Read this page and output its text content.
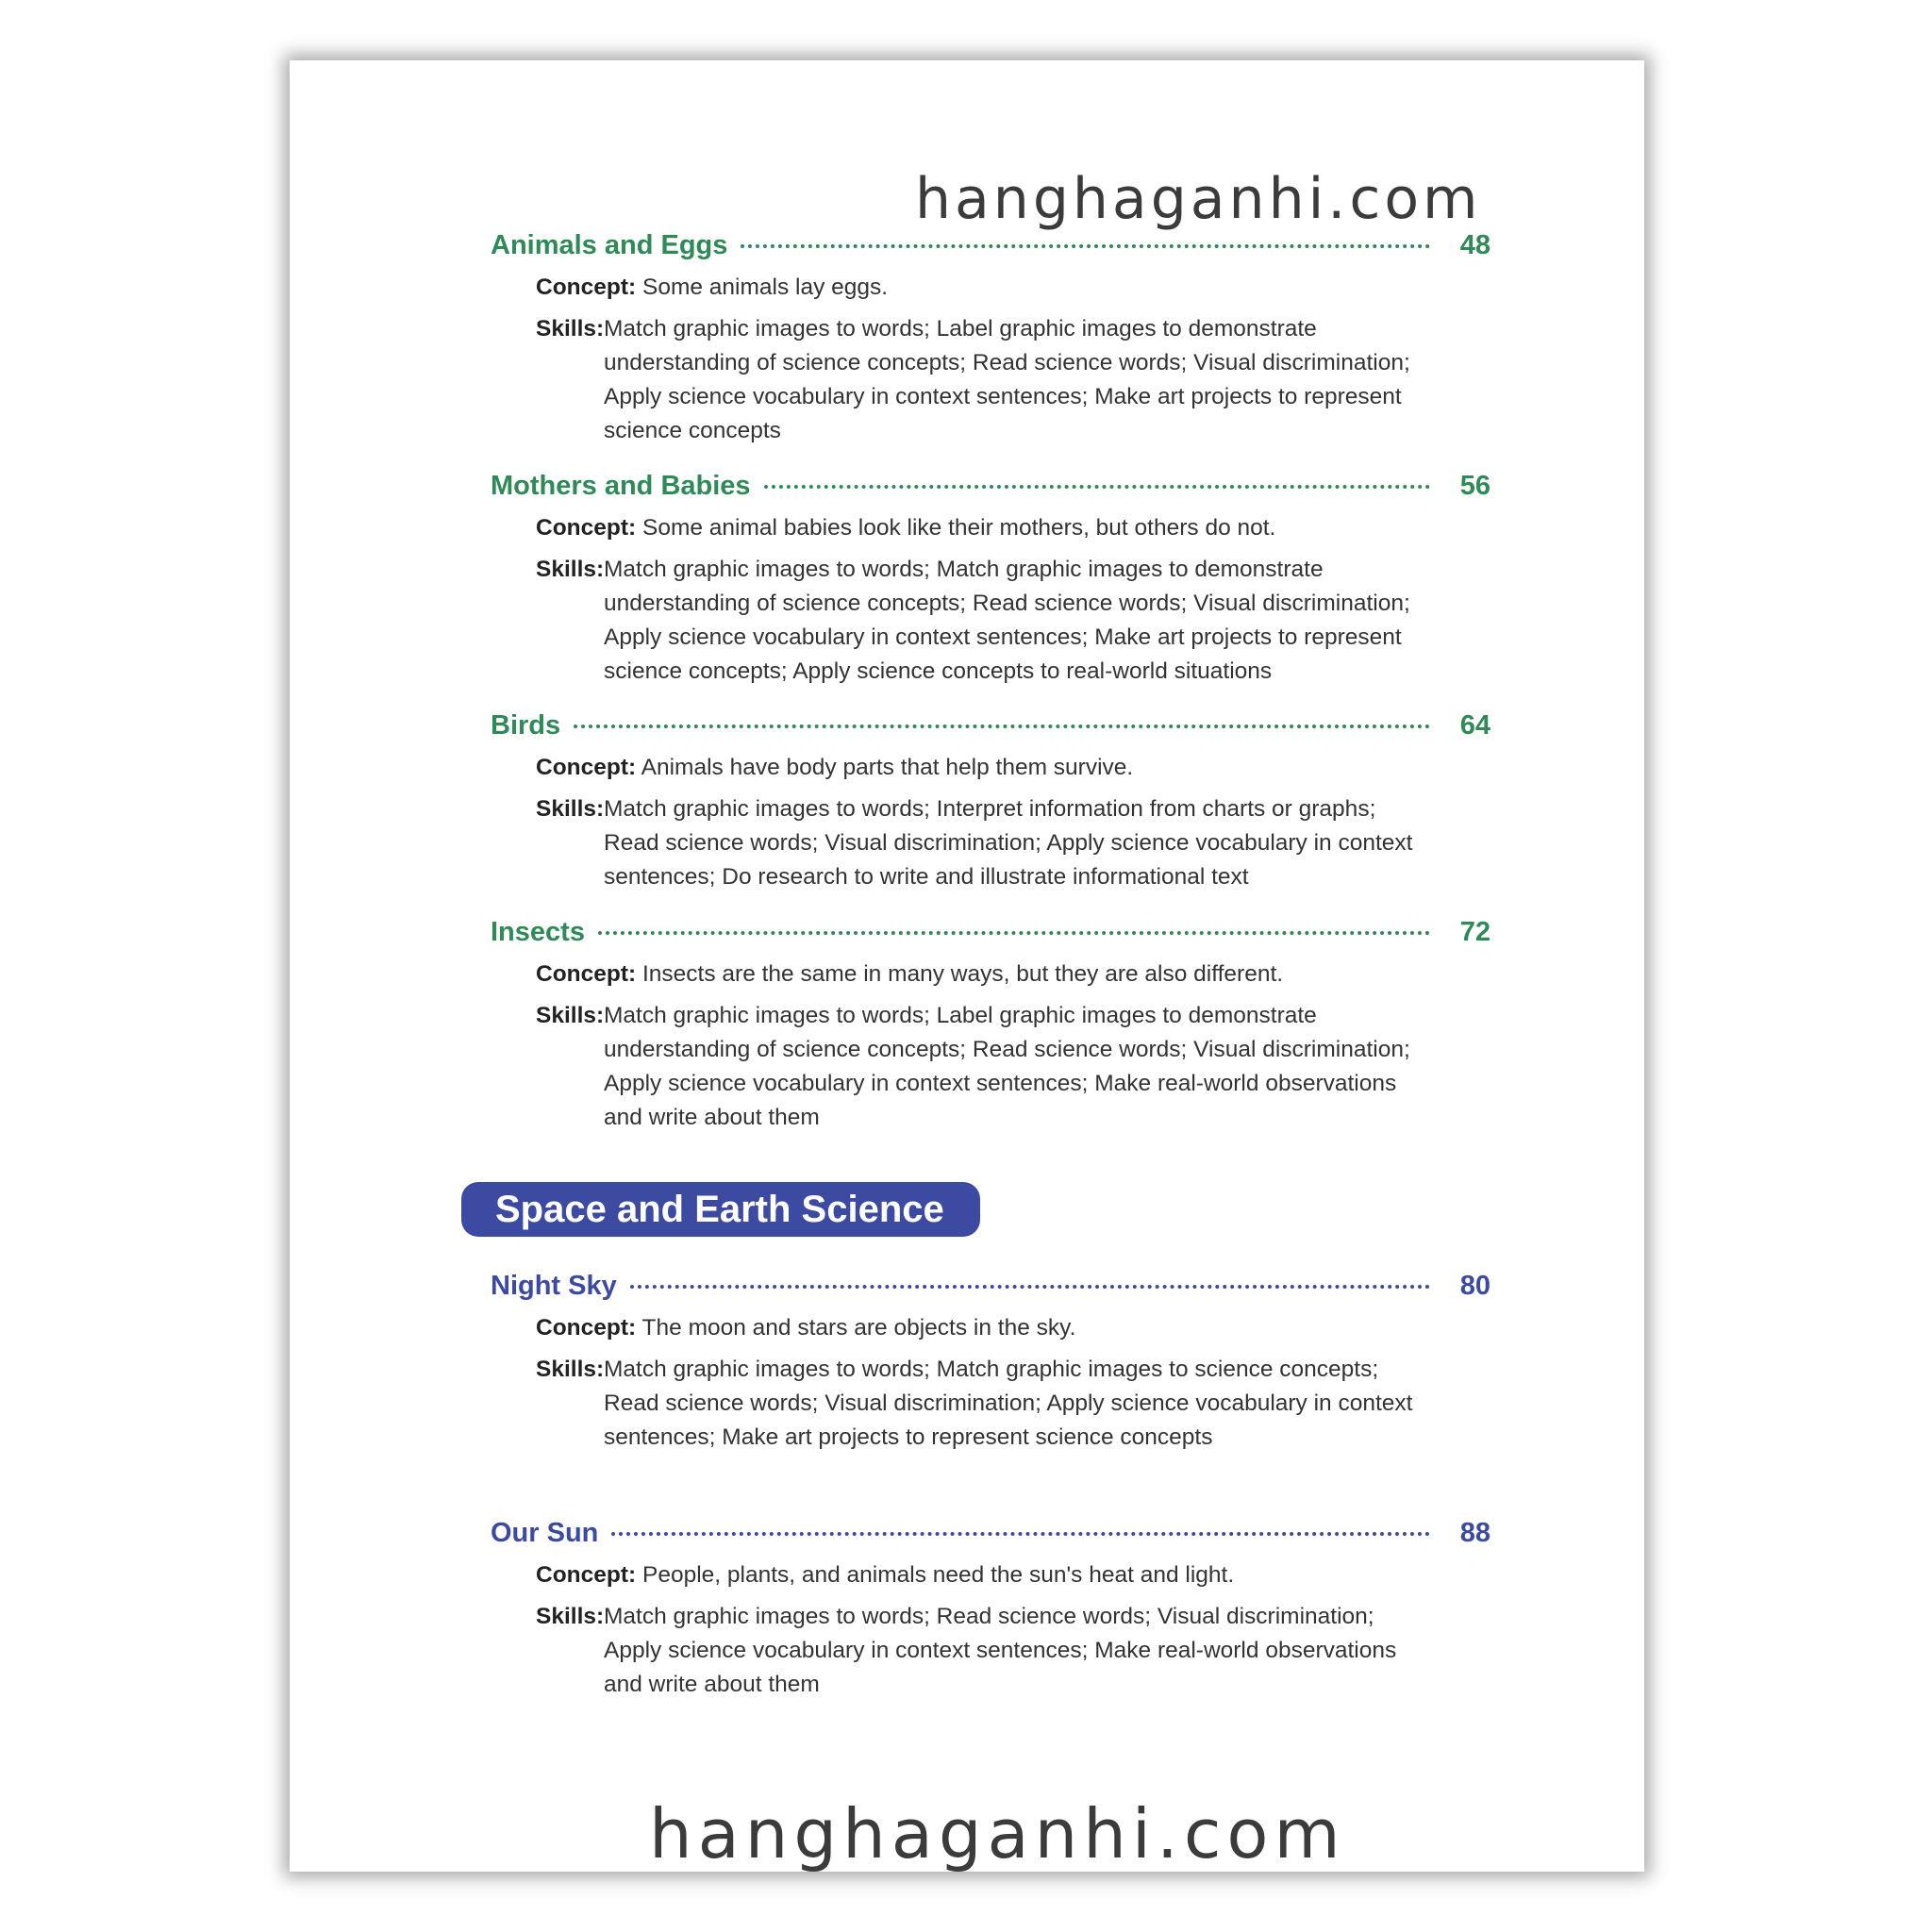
hanghaganhi.com
Animals and Eggs	48
Concept: Some animals lay eggs.
Skills: Match graphic images to words; Label graphic images to demonstrate understanding of science concepts; Read science words; Visual discrimination; Apply science vocabulary in context sentences; Make art projects to represent science concepts
Mothers and Babies	56
Concept: Some animal babies look like their mothers, but others do not.
Skills: Match graphic images to words; Match graphic images to demonstrate understanding of science concepts; Read science words; Visual discrimination; Apply science vocabulary in context sentences; Make art projects to represent science concepts; Apply science concepts to real-world situations
Birds	64
Concept: Animals have body parts that help them survive.
Skills: Match graphic images to words; Interpret information from charts or graphs; Read science words; Visual discrimination; Apply science vocabulary in context sentences; Do research to write and illustrate informational text
Insects	72
Concept: Insects are the same in many ways, but they are also different.
Skills: Match graphic images to words; Label graphic images to demonstrate understanding of science concepts; Read science words; Visual discrimination; Apply science vocabulary in context sentences; Make real-world observations and write about them
Space and Earth Science
Night Sky	80
Concept: The moon and stars are objects in the sky.
Skills: Match graphic images to words; Match graphic images to science concepts; Read science words; Visual discrimination; Apply science vocabulary in context sentences; Make art projects to represent science concepts
Our Sun	88
Concept: People, plants, and animals need the sun's heat and light.
Skills: Match graphic images to words; Read science words; Visual discrimination; Apply science vocabulary in context sentences; Make real-world observations and write about them
hanghaganhi.com
